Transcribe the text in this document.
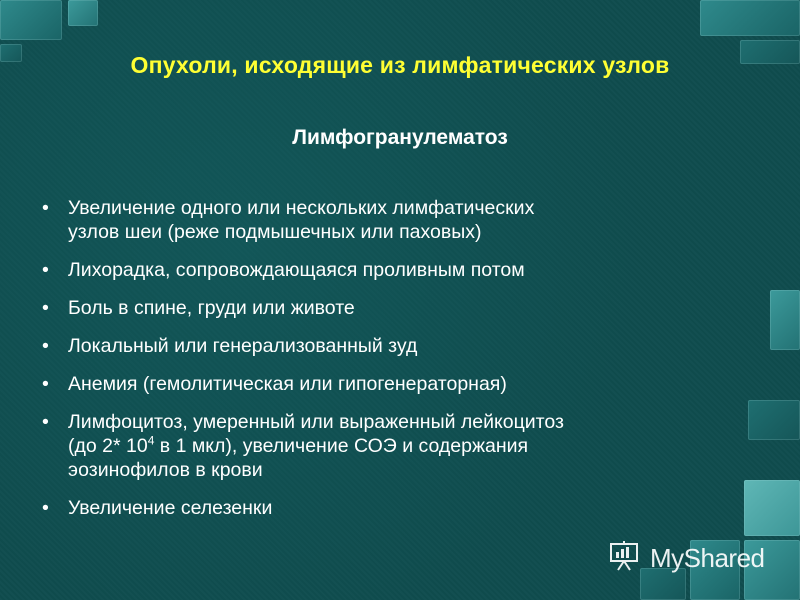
Опухоли, исходящие из лимфатических узлов
Лимфогранулематоз
• Увеличение одного или нескольких лимфатических
узлов шеи (реже подмышечных или паховых)
• Лихорадка, сопровождающаяся проливным потом
• Боль в спине, груди или животе
• Локальный или генерализованный зуд
• Анемия (гемолитическая или гипогенераторная)
• Лимфоцитоз, умеренный или выраженный лейкоцитоз
(до 2* $10^4$ в 1 мкл), увеличение СОЭ и содержания
эозинофилов в крови
• Увеличение селезенки
MyShared
